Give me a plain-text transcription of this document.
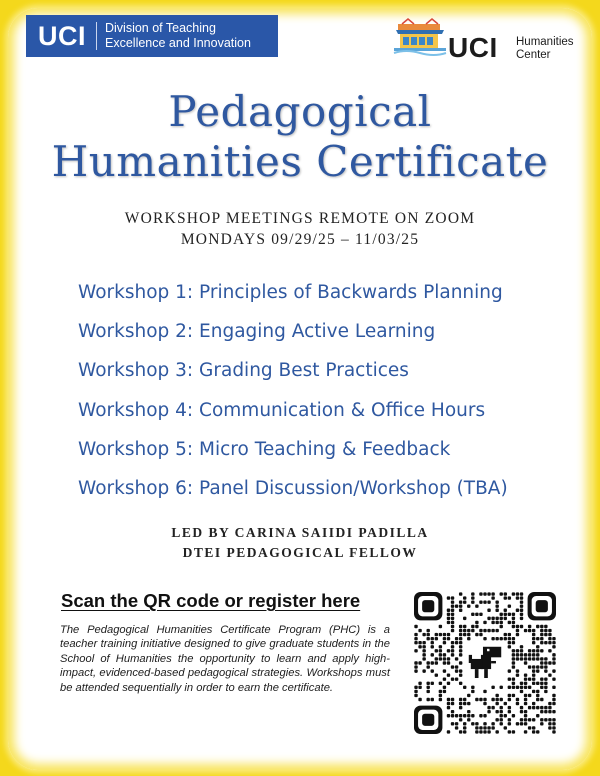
UCI Division of Teaching
Excellence and Innovation	UCI Humanities
Center
Pedagogical
Humanities Certificate
WORKSHOP MEETINGS REMOTE ON ZOOM
MONDAYS 09/29/25 – 11/03/25
Workshop 1: Principles of Backwards Planning
Workshop 2: Engaging Active Learning
Workshop 3: Grading Best Practices
Workshop 4: Communication & Office Hours
Workshop 5: Micro Teaching & Feedback
Workshop 6: Panel Discussion/Workshop (TBA)
LED BY CARINA SAIIDI PADILLA
DTEI PEDAGOGICAL FELLOW
Scan the QR code or register here

The Pedagogical Humanities Certificate Program (PHC) is a teacher training initiative designed to give graduate students in the School of Humanities the opportunity to learn and apply high-impact, evidenced-based pedagogical strategies. Workshops must be attended sequentially in order to earn the certificate.
